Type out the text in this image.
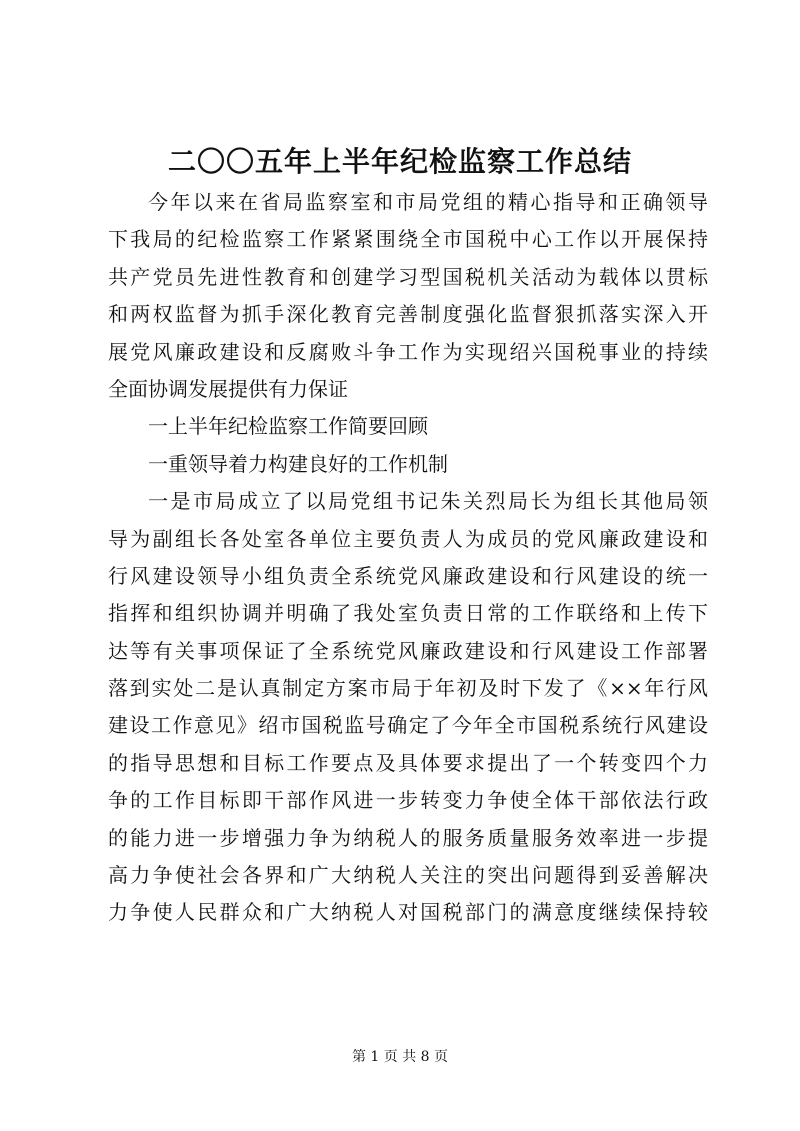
二〇〇五年上半年纪检监察工作总结
今年以来在省局监察室和市局党组的精心指导和正确领导
下我局的纪检监察工作紧紧围绕全市国税中心工作以开展保持
共产党员先进性教育和创建学习型国税机关活动为载体以贯标
和两权监督为抓手深化教育完善制度强化监督狠抓落实深入开
展党风廉政建设和反腐败斗争工作为实现绍兴国税事业的持续
全面协调发展提供有力保证
一上半年纪检监察工作简要回顾
一重领导着力构建良好的工作机制
一是市局成立了以局党组书记朱关烈局长为组长其他局领
导为副组长各处室各单位主要负责人为成员的党风廉政建设和
行风建设领导小组负责全系统党风廉政建设和行风建设的统一
指挥和组织协调并明确了我处室负责日常的工作联络和上传下
达等有关事项保证了全系统党风廉政建设和行风建设工作部署
落到实处二是认真制定方案市局于年初及时下发了《××年行风
建设工作意见》绍市国税监号确定了今年全市国税系统行风建设
的指导思想和目标工作要点及具体要求提出了一个转变四个力
争的工作目标即干部作风进一步转变力争使全体干部依法行政
的能力进一步增强力争为纳税人的服务质量服务效率进一步提
高力争使社会各界和广大纳税人关注的突出问题得到妥善解决
力争使人民群众和广大纳税人对国税部门的满意度继续保持较
第 1 页 共 8 页
